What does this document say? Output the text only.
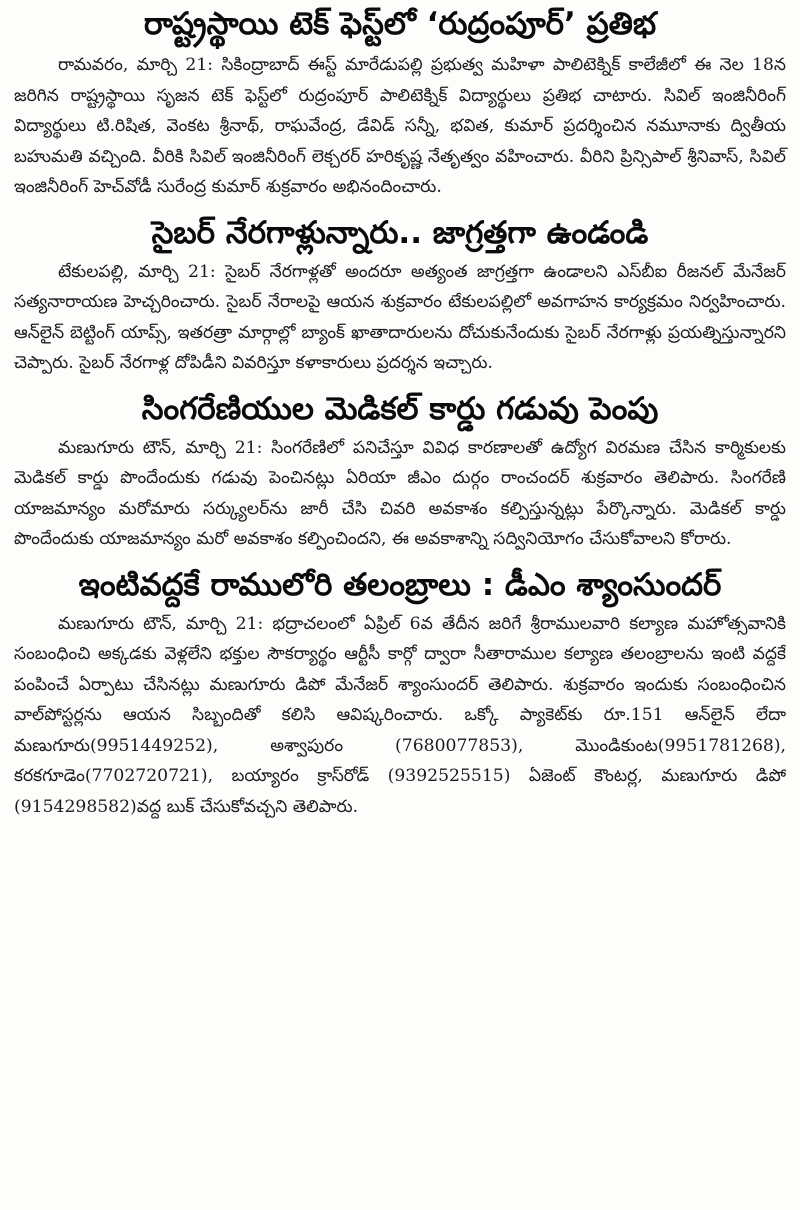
రాష్ట్రస్థాయి టెక్ ఫెస్ట్‌లో ‘రుద్రంపూర్’ ప్రతిభ
రామవరం, మార్చి 21: సికింద్రాబాద్ ఈస్ట్ మారేడుపల్లి ప్రభుత్వ మహిళా పాలిటెక్నిక్ కాలేజీలో ఈ నెల 18న జరిగిన రాష్ట్రస్థాయి సృజన టెక్ ఫెస్ట్‌లో రుద్రంపూర్ పాలిటెక్నిక్ విద్యార్థులు ప్రతిభ చాటారు. సివిల్ ఇంజినీరింగ్ విద్యార్థులు టి.రిషిత, వెంకట శ్రీనాథ్, రాఘవేంద్ర, డేవిడ్ సన్నీ, భవిత, కుమార్ ప్రదర్శించిన నమూనాకు ద్వితీయ బహుమతి వచ్చింది. వీరికి సివిల్ ఇంజినీరింగ్ లెక్చరర్ హరికృష్ణ నేతృత్వం వహించారు. వీరిని ప్రిన్సిపాల్ శ్రీనివాస్, సివిల్ ఇంజినీరింగ్ హెచ్‌వోడీ సురేంద్ర కుమార్ శుక్రవారం అభినందించారు.
సైబర్ నేరగాళ్లున్నారు.. జాగ్రత్తగా ఉండండి
టేకులపల్లి, మార్చి 21: సైబర్ నేరగాళ్లతో అందరూ అత్యంత జాగ్రత్తగా ఉండాలని ఎస్‌బీఐ రీజనల్ మేనేజర్ సత్యనారాయణ హెచ్చరించారు. సైబర్ నేరాలపై ఆయన శుక్రవారం టేకులపల్లిలో అవగాహన కార్యక్రమం నిర్వహించారు. ఆన్‌లైన్ బెట్టింగ్ యాప్స్, ఇతరత్రా మార్గాల్లో బ్యాంక్ ఖాతాదారులను దోచుకునేందుకు సైబర్ నేరగాళ్లు ప్రయత్నిస్తున్నారని చెప్పారు. సైబర్ నేరగాళ్ల దోపిడీని వివరిస్తూ కళాకారులు ప్రదర్శన ఇచ్చారు.
సింగరేణియుల మెడికల్ కార్డు గడువు పెంపు
మణుగూరు టౌన్, మార్చి 21: సింగరేణిలో పనిచేస్తూ వివిధ కారణాలతో ఉద్యోగ విరమణ చేసిన కార్మికులకు మెడికల్ కార్డు పొందేందుకు గడువు పెంచినట్లు ఏరియా జీఎం దుర్గం రాంచందర్ శుక్రవారం తెలిపారు. సింగరేణి యాజమాన్యం మరోమారు సర్క్యులర్‌ను జారీ చేసి చివరి అవకాశం కల్పిస్తున్నట్లు పేర్కొన్నారు. మెడికల్ కార్డు పొందేందుకు యాజమాన్యం మరో అవకాశం కల్పించిందని, ఈ అవకాశాన్ని సద్వినియోగం చేసుకోవాలని కోరారు.
ఇంటివద్దకే రాములోరి తలంబ్రాలు : డీఎం శ్యాంసుందర్
మణుగూరు టౌన్, మార్చి 21: భద్రాచలంలో ఏప్రిల్ 6వ తేదీన జరిగే శ్రీరాములవారి కల్యాణ మహోత్సవానికి సంబంధించి అక్కడకు వెళ్లలేని భక్తుల సౌకర్యార్థం ఆర్టీసీ కార్గో ద్వారా సీతారాముల కల్యాణ తలంబ్రాలను ఇంటి వద్దకే పంపించే ఏర్పాటు చేసినట్లు మణుగూరు డిపో మేనేజర్ శ్యాంసుందర్ తెలిపారు. శుక్రవారం ఇందుకు సంబంధించిన వాల్‌పోస్టర్లను ఆయన సిబ్బందితో కలిసి ఆవిష్కరించారు. ఒక్కో ప్యాకెట్‌కు రూ.151 ఆన్‌లైన్ లేదా మణుగూరు(9951449252), అశ్వాపురం (7680077853), మొండికుంట(9951781268), కరకగూడెం(7702720721), బయ్యారం క్రాస్‌రోడ్ (9392525515) ఏజెంట్ కౌంటర్ల, మణుగూరు డిపో (9154298582)వద్ద బుక్ చేసుకోవచ్చని తెలిపారు.
